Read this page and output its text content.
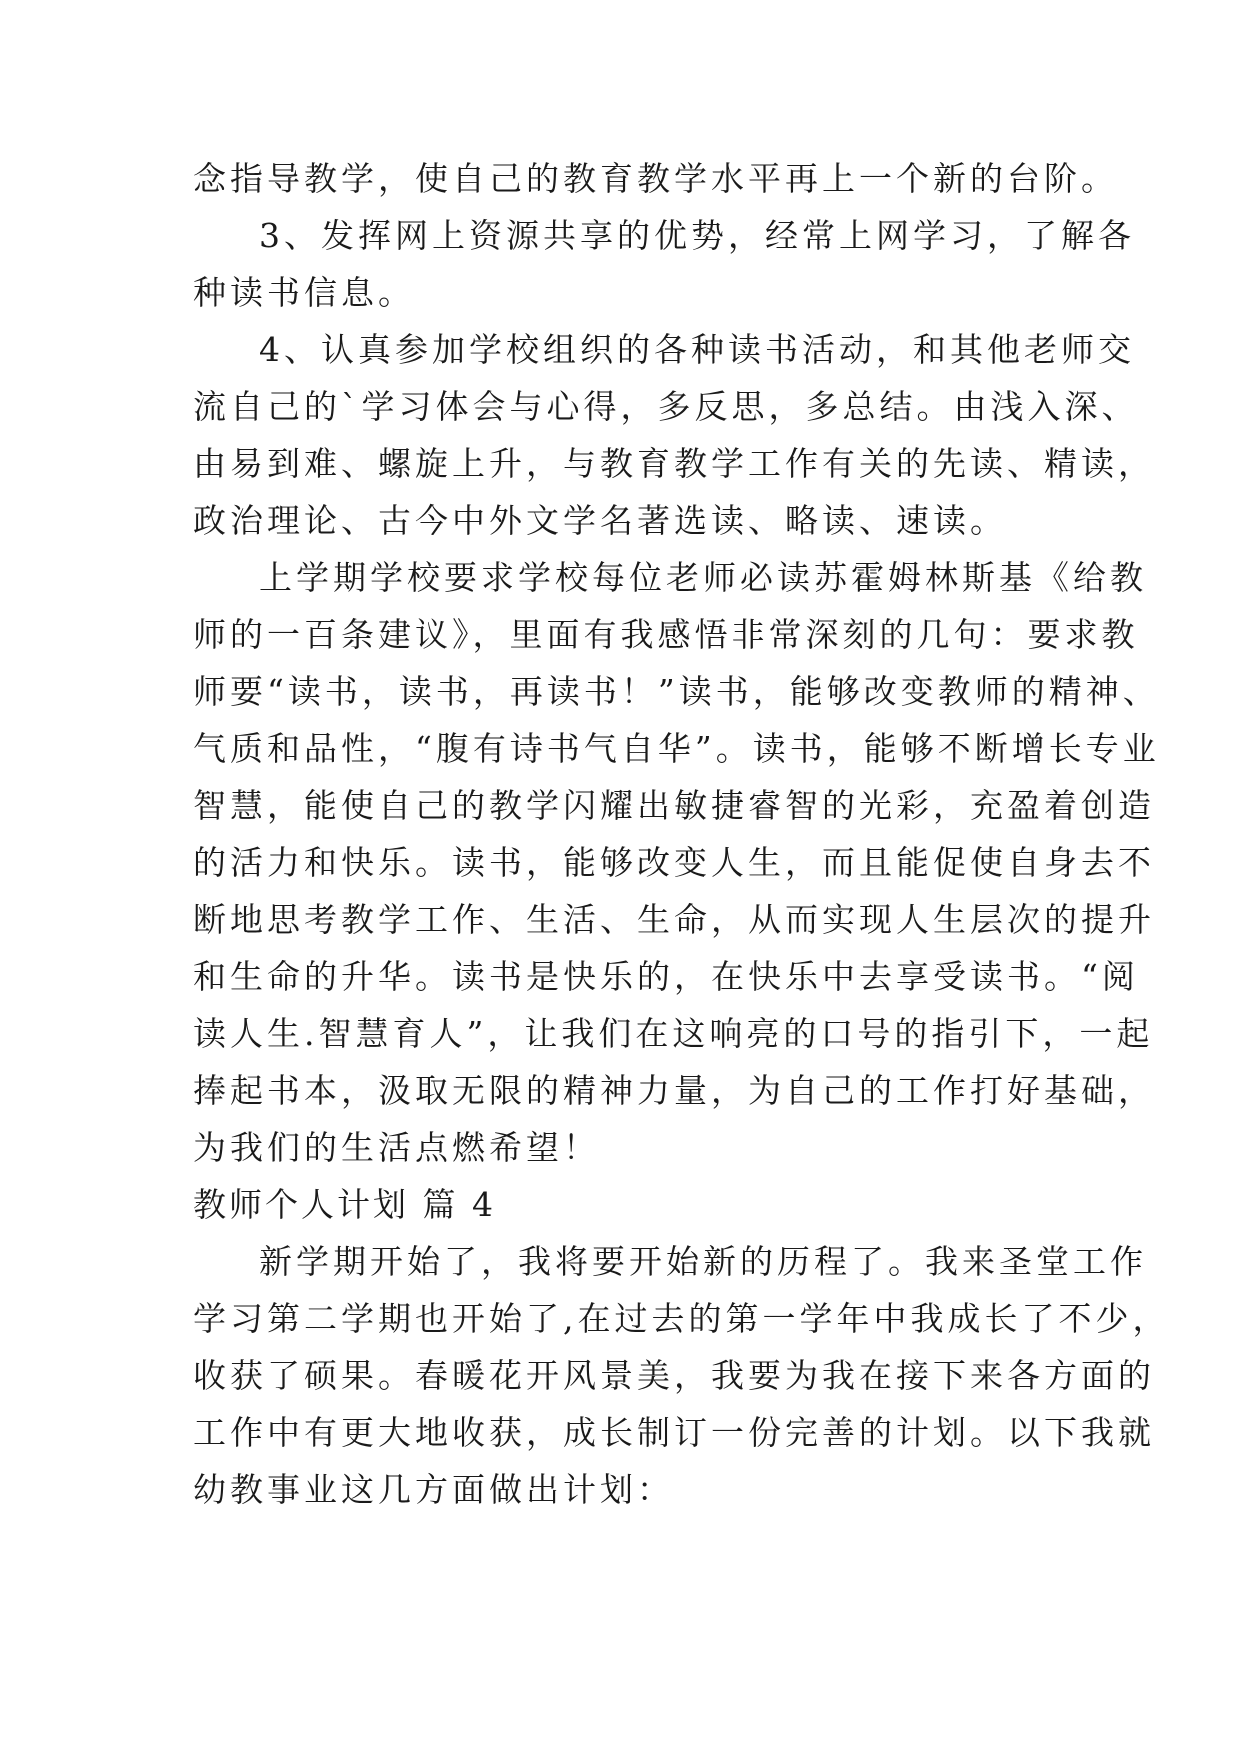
念指导教学，使自己的教育教学水平再上一个新的台阶。
3、发挥网上资源共享的优势，经常上网学习，了解各
种读书信息。
4、认真参加学校组织的各种读书活动，和其他老师交
流自己的`学习体会与心得，多反思，多总结。由浅入深、
由易到难、螺旋上升，与教育教学工作有关的先读、精读，
政治理论、古今中外文学名著选读、略读、速读。
上学期学校要求学校每位老师必读苏霍姆林斯基《给教
师的一百条建议》，里面有我感悟非常深刻的几句：要求教
师要“读书，读书，再读书！”读书，能够改变教师的精神、
气质和品性，“腹有诗书气自华”。读书，能够不断增长专业
智慧，能使自己的教学闪耀出敏捷睿智的光彩，充盈着创造
的活力和快乐。读书，能够改变人生，而且能促使自身去不
断地思考教学工作、生活、生命，从而实现人生层次的提升
和生命的升华。读书是快乐的，在快乐中去享受读书。“阅
读人生.智慧育人”，让我们在这响亮的口号的指引下，一起
捧起书本，汲取无限的精神力量，为自己的工作打好基础，
为我们的生活点燃希望！
教师个人计划 篇 4
新学期开始了，我将要开始新的历程了。我来圣堂工作
学习第二学期也开始了,在过去的第一学年中我成长了不少，
收获了硕果。春暖花开风景美，我要为我在接下来各方面的
工作中有更大地收获，成长制订一份完善的计划。以下我就
幼教事业这几方面做出计划：
